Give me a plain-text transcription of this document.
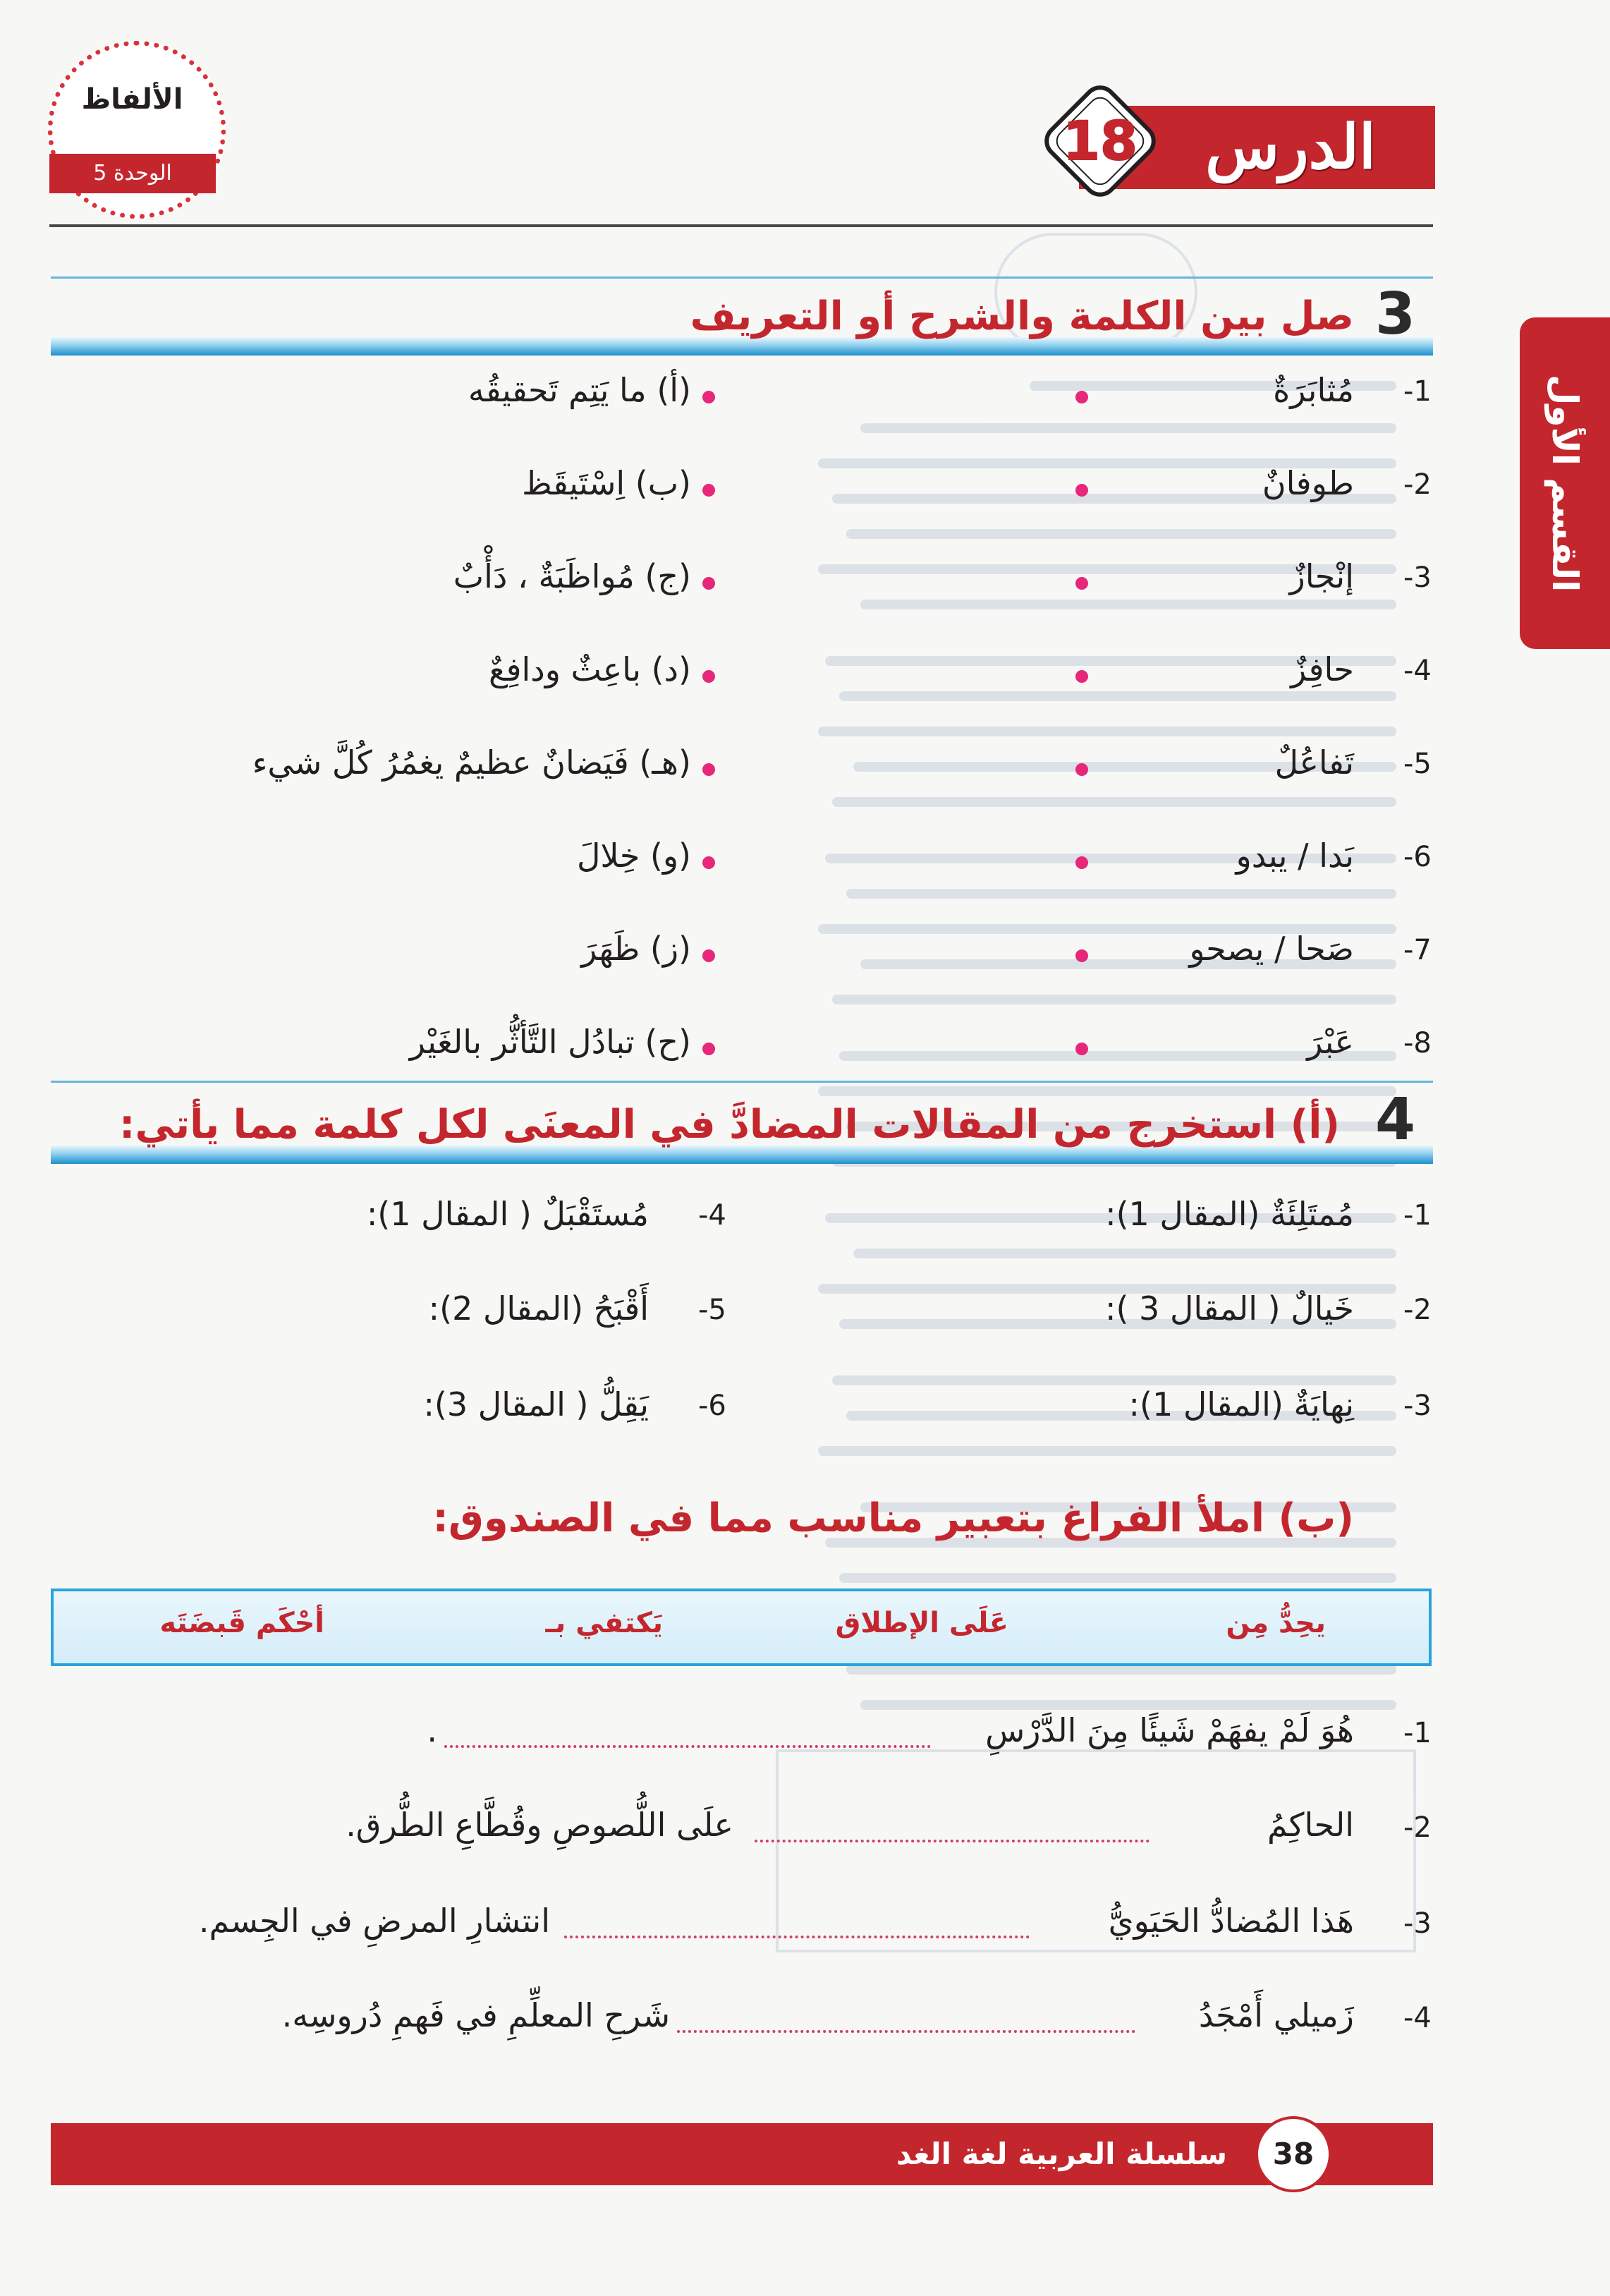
الدرس
18
الألفاظ
الوحدة 5
القسم الأول
3
صل بين الكلمة والشرح أو التعريف
-1
مُثابَرَةٌ
(أ) ما يَتِم تَحقيقُه
-2
طوفانٌ
(ب) اِسْتَيقَظ
-3
إنْجازٌ
(ج) مُواظَبَةٌ ، دَأْبٌ
-4
حافِزٌ
(د) باعِثٌ ودافِعٌ
-5
تَفاعُلٌ
(هـ) فَيَضانٌ عظيمٌ يغمُرُ كُلَّ شيء
-6
بَدا / يبدو
(و) خِلالَ
-7
صَحا / يصحو
(ز) ظَهَرَ
-8
عَبْرَ
(ح) تبادُل التَّأثُّر بالغَيْر
4
(أ) استخرج من المقالات المضادَّ في المعنَى لكل كلمة مما يأتي:
-1
مُمتَلِئَةٌ (المقال 1):
-4
مُستَقْبَلٌ ( المقال 1):
-2
خَيالٌ ( المقال 3 ):
-5
أَقْبَحُ (المقال 2):
-3
نِهايَةٌ (المقال 1):
-6
يَقِلُّ ( المقال 3):
(ب) املأ الفراغ بتعبير مناسب مما في الصندوق:
يحِدُّ مِن
عَلَى الإطلاق
يَكتفي بـ
أحْكَم قَبضَتَه
-1
هُوَ لَمْ يفهَمْ شَيئًا مِنَ الدَّرْسِ
.
-2
الحاكِمُ
علَى اللُّصوصِ وقُطَّاعِ الطُّرق.
-3
هَذا المُضادُّ الحَيَويُّ
انتشارِ المرضِ في الجِسم.
-4
زَميلي أَمْجَدُ
شَرحِ المعلِّمِ في فَهمِ دُروسِه.
سلسلة العربية لغة الغد	38
